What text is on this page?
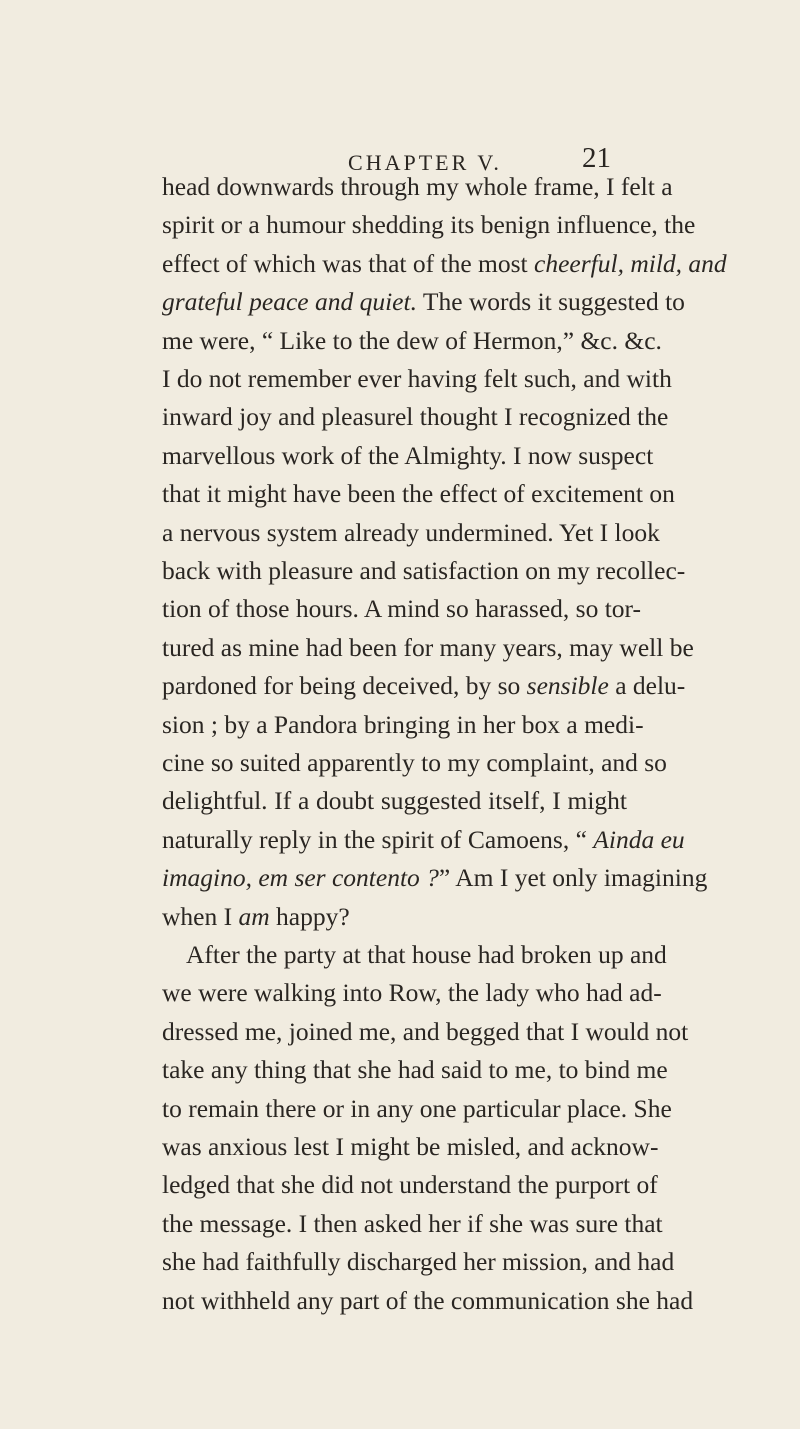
CHAPTER V.	21
head downwards through my whole frame, I felt a
spirit or a humour shedding its benign influence, the
effect of which was that of the most cheerful, mild, and
grateful peace and quiet. The words it suggested to
me were, “ Like to the dew of Hermon,” &c. &c.
I do not remember ever having felt such, and with
inward joy and pleasurel thought I recognized the
marvellous work of the Almighty. I now suspect
that it might have been the effect of excitement on
a nervous system already undermined. Yet I look
back with pleasure and satisfaction on my recollec-
tion of those hours. A mind so harassed, so tor-
tured as mine had been for many years, may well be
pardoned for being deceived, by so sensible a delu-
sion ; by a Pandora bringing in her box a medi-
cine so suited apparently to my complaint, and so
delightful. If a doubt suggested itself, I might
naturally reply in the spirit of Camoens, “ Ainda eu
imagino, em ser contento ?” Am I yet only imagining
when I am happy?
After the party at that house had broken up and
we were walking into Row, the lady who had ad-
dressed me, joined me, and begged that I would not
take any thing that she had said to me, to bind me
to remain there or in any one particular place. She
was anxious lest I might be misled, and acknow-
ledged that she did not understand the purport of
the message. I then asked her if she was sure that
she had faithfully discharged her mission, and had
not withheld any part of the communication she had
